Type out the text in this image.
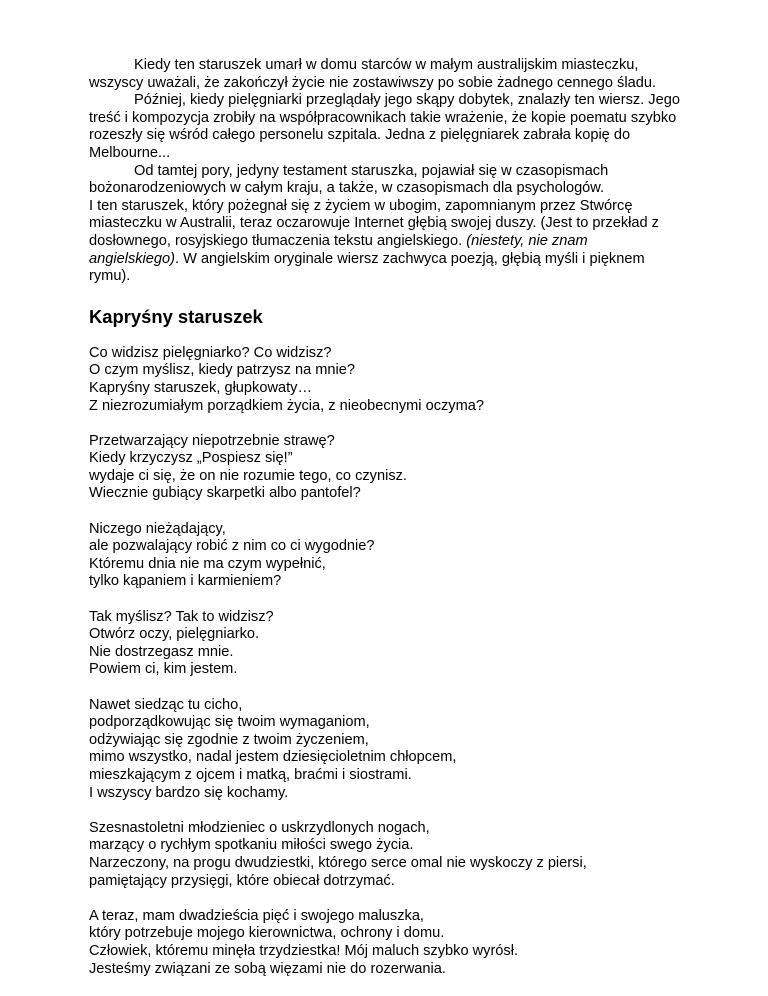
Kiedy ten staruszek umarł w domu starców w małym australijskim miasteczku, wszyscy uważali, że zakończył życie nie zostawiwszy po sobie żadnego cennego śladu.

Później, kiedy pielęgniarki przeglądały jego skąpy dobytek, znalazły ten wiersz. Jego treść i kompozycja zrobiły na współpracownikach takie wrażenie, że kopie poematu szybko rozeszły się wśród całego personelu szpitala. Jedna z pielęgniarek zabrała kopię do Melbourne...

Od tamtej pory, jedyny testament staruszka, pojawiał się w czasopismach bożonarodzeniowych w całym kraju, a także, w czasopismach dla psychologów.

I ten staruszek, który pożegnał się z życiem w ubogim, zapomnianym przez Stwórcę miasteczku w Australii, teraz oczarowuje Internet głębią swojej duszy. (Jest to przekład z dosłownego, rosyjskiego tłumaczenia tekstu angielskiego. (niestety, nie znam angielskiego). W angielskim oryginale wiersz zachwyca poezją, głębią myśli i pięknem rymu).

Kapryśny staruszek
Co widzisz pielęgniarko? Co widzisz?
O czym myślisz, kiedy patrzysz na mnie?
Kapryśny staruszek, głupkowaty…
Z niezrozumiałym porządkiem życia, z nieobecnymi oczyma?
Przetwarzający niepotrzebnie strawę?
Kiedy krzyczysz „Pospiesz się!”
wydaje ci się, że on nie rozumie tego, co czynisz.
Wiecznie gubiący skarpetki albo pantofel?
Niczego nieżądający,
ale pozwalający robić z nim co ci wygodnie?
Któremu dnia nie ma czym wypełnić,
tylko kąpaniem i karmieniem?
Tak myślisz? Tak to widzisz?
Otwórz oczy, pielęgniarko.
Nie dostrzegasz mnie.
Powiem ci, kim jestem.
Nawet siedząc tu cicho,
podporządkowując się twoim wymaganiom,
odżywiając się zgodnie z twoim życzeniem,
mimo wszystko, nadal jestem dziesięcioletnim chłopcem,
mieszkającym z ojcem i matką, braćmi i siostrami.
I wszyscy bardzo się kochamy.
Szesnastoletni młodzieniec o uskrzydlonych nogach,
marzący o rychłym spotkaniu miłości swego życia.
Narzeczony, na progu dwudziestki, którego serce omal nie wyskoczy z piersi,
pamiętający przysięgi, które obiecał dotrzymać.
A teraz, mam dwadzieścia pięć i swojego maluszka,
który potrzebuje mojego kierownictwa, ochrony i domu.
Człowiek, któremu minęła trzydziestka! Mój maluch szybko wyrósł.
Jesteśmy związani ze sobą więzami nie do rozerwania.
